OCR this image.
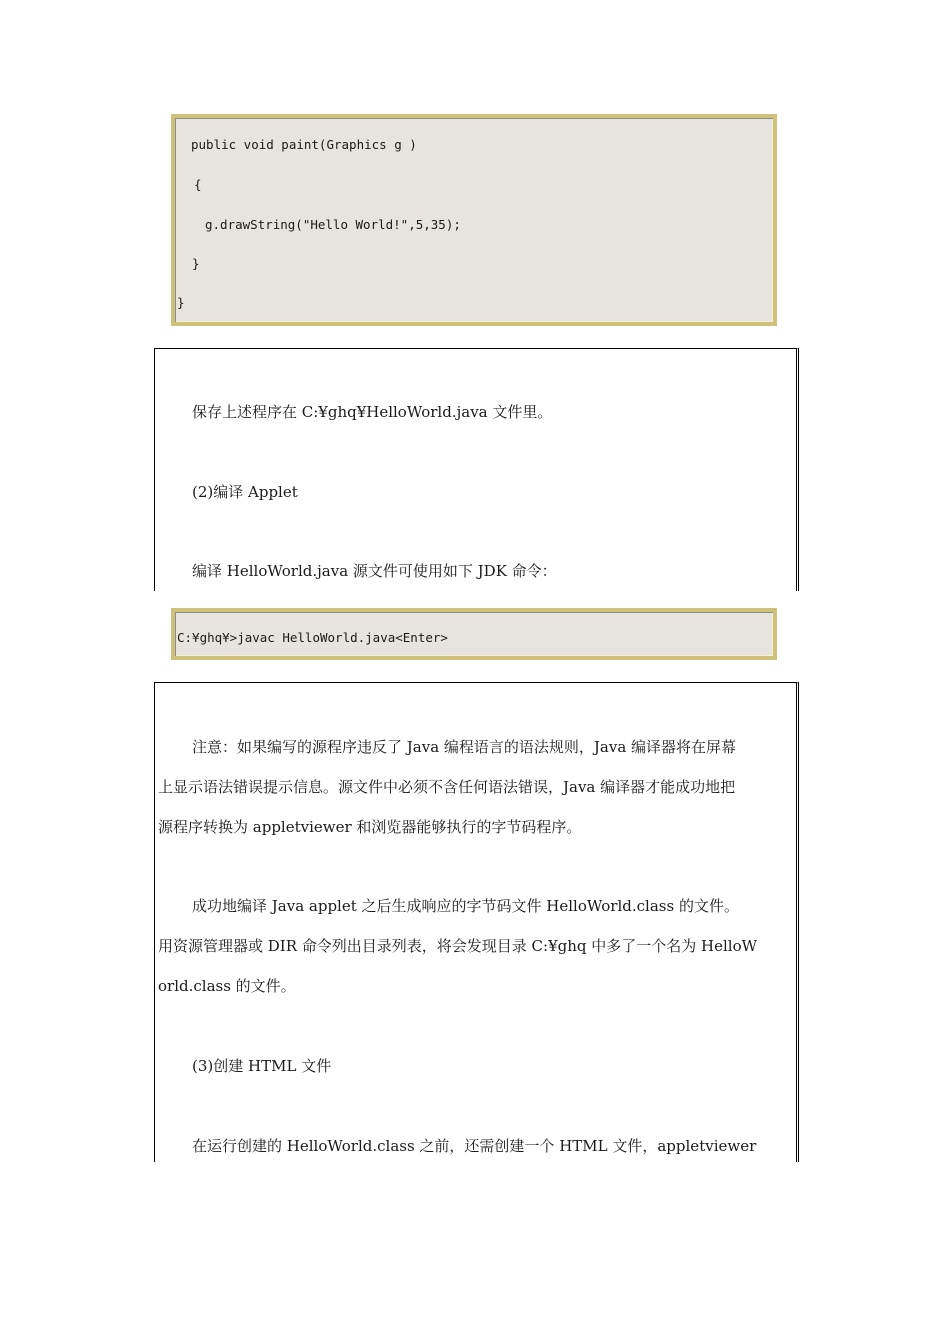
public void paint(Graphics g )
{
g.drawString("Hello World!",5,35);
}
}
保存上述程序在 C:¥ghq¥HelloWorld.java 文件里。
(2)编译 Applet
编译 HelloWorld.java 源文件可使用如下 JDK 命令：
C:¥ghq¥>javac HelloWorld.java<Enter>
注意：如果编写的源程序违反了 Java 编程语言的语法规则，Java 编译器将在屏幕
上显示语法错误提示信息。源文件中必须不含任何语法错误，Java 编译器才能成功地把
源程序转换为 appletviewer 和浏览器能够执行的字节码程序。
成功地编译 Java applet 之后生成响应的字节码文件 HelloWorld.class 的文件。
用资源管理器或 DIR 命令列出目录列表，将会发现目录 C:¥ghq 中多了一个名为 HelloW
orld.class 的文件。
(3)创建 HTML 文件
在运行创建的 HelloWorld.class 之前，还需创建一个 HTML 文件，appletviewer
